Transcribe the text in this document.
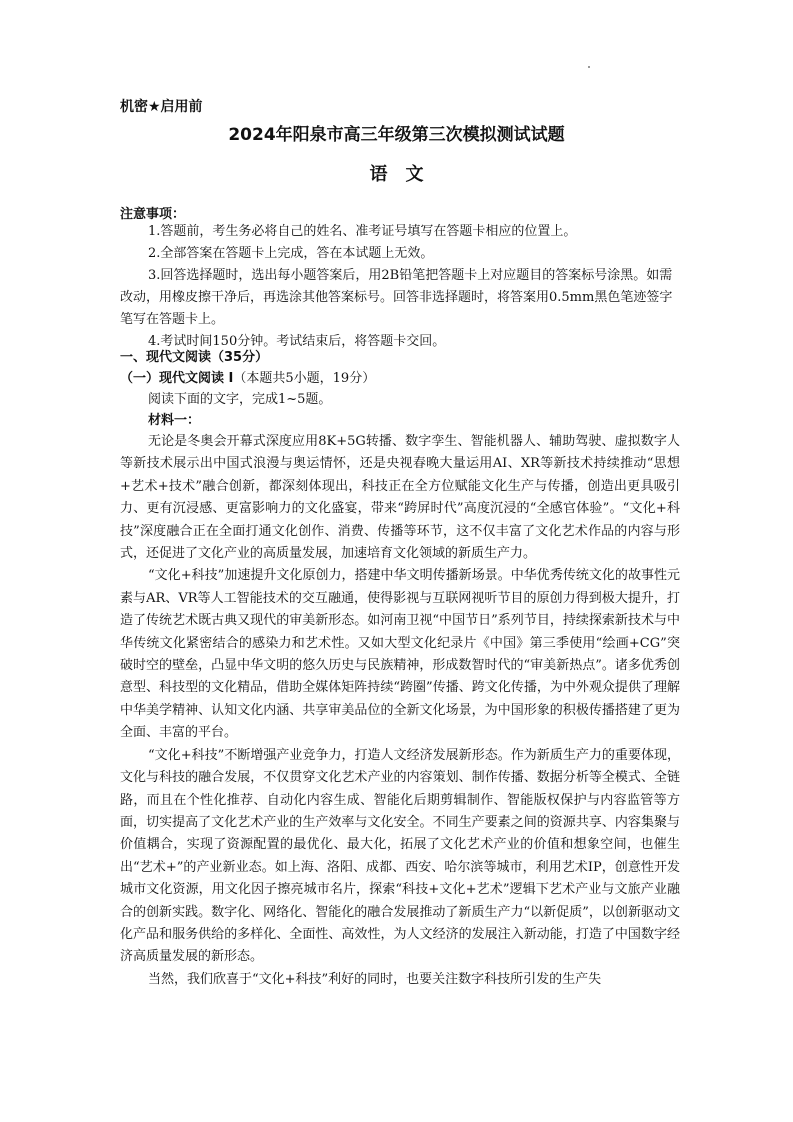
机密★启用前
2024年阳泉市高三年级第三次模拟测试试题
语文
注意事项：

1.答题前，考生务必将自己的姓名、准考证号填写在答题卡相应的位置上。

2.全部答案在答题卡上完成，答在本试题上无效。

3.回答选择题时，选出每小题答案后，用2B铅笔把答题卡上对应题目的答案标号涂黑。如需改动，用橡皮擦干净后，再选涂其他答案标号。回答非选择题时，将答案用0.5mm黑色笔迹签字笔写在答题卡上。

4.考试时间150分钟。考试结束后，将答题卡交回。

一、现代文阅读（35分）
（一）现代文阅读 I（本题共5小题，19分）
阅读下面的文字，完成1~5题。
材料一：

无论是冬奥会开幕式深度应用8K+5G转播、数字孪生、智能机器人、辅助驾驶、虚拟数字人等新技术展示出中国式浪漫与奥运情怀，还是央视春晚大量运用AI、XR等新技术持续推动“思想+艺术+技术”融合创新，都深刻体现出，科技正在全方位赋能文化生产与传播，创造出更具吸引力、更有沉浸感、更富影响力的文化盛宴，带来“跨屏时代”高度沉浸的“全感官体验”。“文化+科技”深度融合正在全面打通文化创作、消费、传播等环节，这不仅丰富了文化艺术作品的内容与形式，还促进了文化产业的高质量发展，加速培育文化领域的新质生产力。

“文化+科技”加速提升文化原创力，搭建中华文明传播新场景。中华优秀传统文化的故事性元素与AR、VR等人工智能技术的交互融通，使得影视与互联网视听节目的原创力得到极大提升，打造了传统艺术既古典又现代的审美新形态。如河南卫视“中国节日”系列节目，持续探索新技术与中华传统文化紧密结合的感染力和艺术性。又如大型文化纪录片《中国》第三季使用“绘画+CG”突破时空的壁垒，凸显中华文明的悠久历史与民族精神，形成数智时代的“审美新热点”。诸多优秀创意型、科技型的文化精品，借助全媒体矩阵持续“跨圈”传播、跨文化传播，为中外观众提供了理解中华美学精神、认知文化内涵、共享审美品位的全新文化场景，为中国形象的积极传播搭建了更为全面、丰富的平台。

“文化+科技”不断增强产业竞争力，打造人文经济发展新形态。作为新质生产力的重要体现，文化与科技的融合发展，不仅贯穿文化艺术产业的内容策划、制作传播、数据分析等全模式、全链路，而且在个性化推荐、自动化内容生成、智能化后期剪辑制作、智能版权保护与内容监管等方面，切实提高了文化艺术产业的生产效率与文化安全。不同生产要素之间的资源共享、内容集聚与价值耦合，实现了资源配置的最优化、最大化，拓展了文化艺术产业的价值和想象空间，也催生出“艺术+”的产业新业态。如上海、洛阳、成都、西安、哈尔滨等城市，利用艺术IP，创意性开发城市文化资源，用文化因子擦亮城市名片，探索“科技+文化+艺术”逻辑下艺术产业与文旅产业融合的创新实践。数字化、网络化、智能化的融合发展推动了新质生产力“以新促质”，以创新驱动文化产品和服务供给的多样化、全面性、高效性，为人文经济的发展注入新动能，打造了中国数字经济高质量发展的新形态。

当然，我们欣喜于“文化+科技”利好的同时，也要关注数字科技所引发的生产失
